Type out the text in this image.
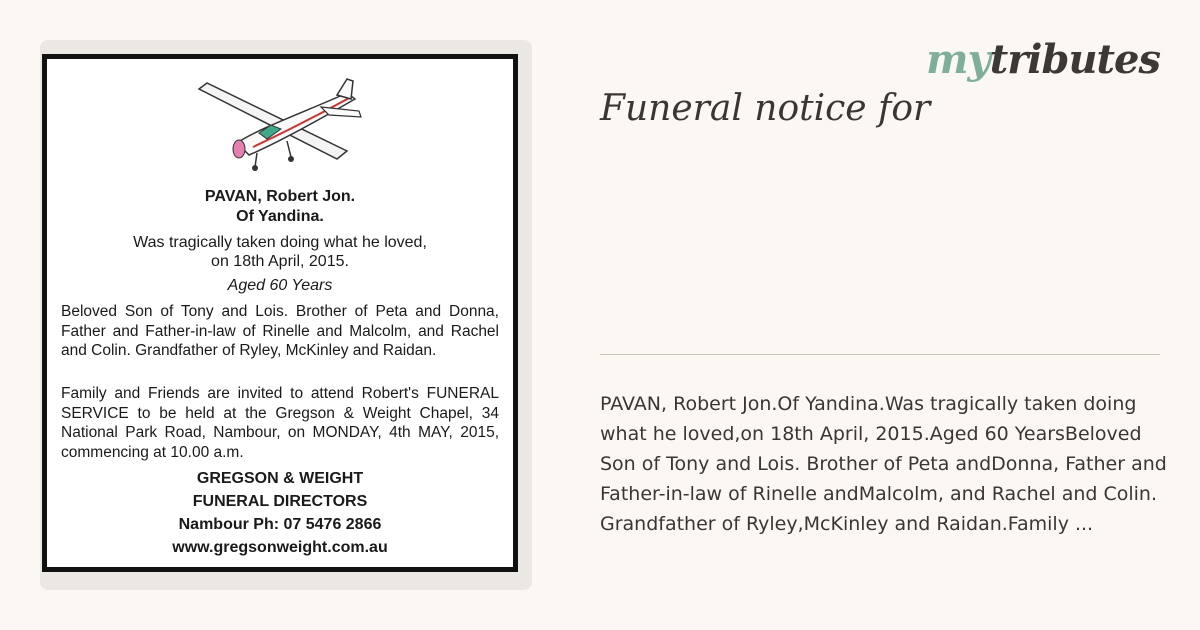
PAVAN, Robert Jon.
Of Yandina.
Was tragically taken doing what he loved,
on 18th April, 2015.
Aged 60 Years
Beloved Son of Tony and Lois. Brother of Peta and Donna, Father and Father-in-law of Rinelle and Malcolm, and Rachel and Colin. Grandfather of Ryley, McKinley and Raidan.
Family and Friends are invited to attend Robert's FUNERAL SERVICE to be held at the Gregson & Weight Chapel, 34 National Park Road, Nambour, on MONDAY, 4th MAY, 2015, commencing at 10.00 a.m.
GREGSON & WEIGHT
FUNERAL DIRECTORS
Nambour Ph: 07 5476 2866
www.gregsonweight.com.au
mytributes
Funeral notice for
PAVAN, Robert Jon.Of Yandina.Was tragically taken doing what he loved,on 18th April, 2015.Aged 60 YearsBeloved Son of Tony and Lois. Brother of Peta andDonna, Father and Father-in-law of Rinelle andMalcolm, and Rachel and Colin. Grandfather of Ryley,McKinley and Raidan.Family ...
